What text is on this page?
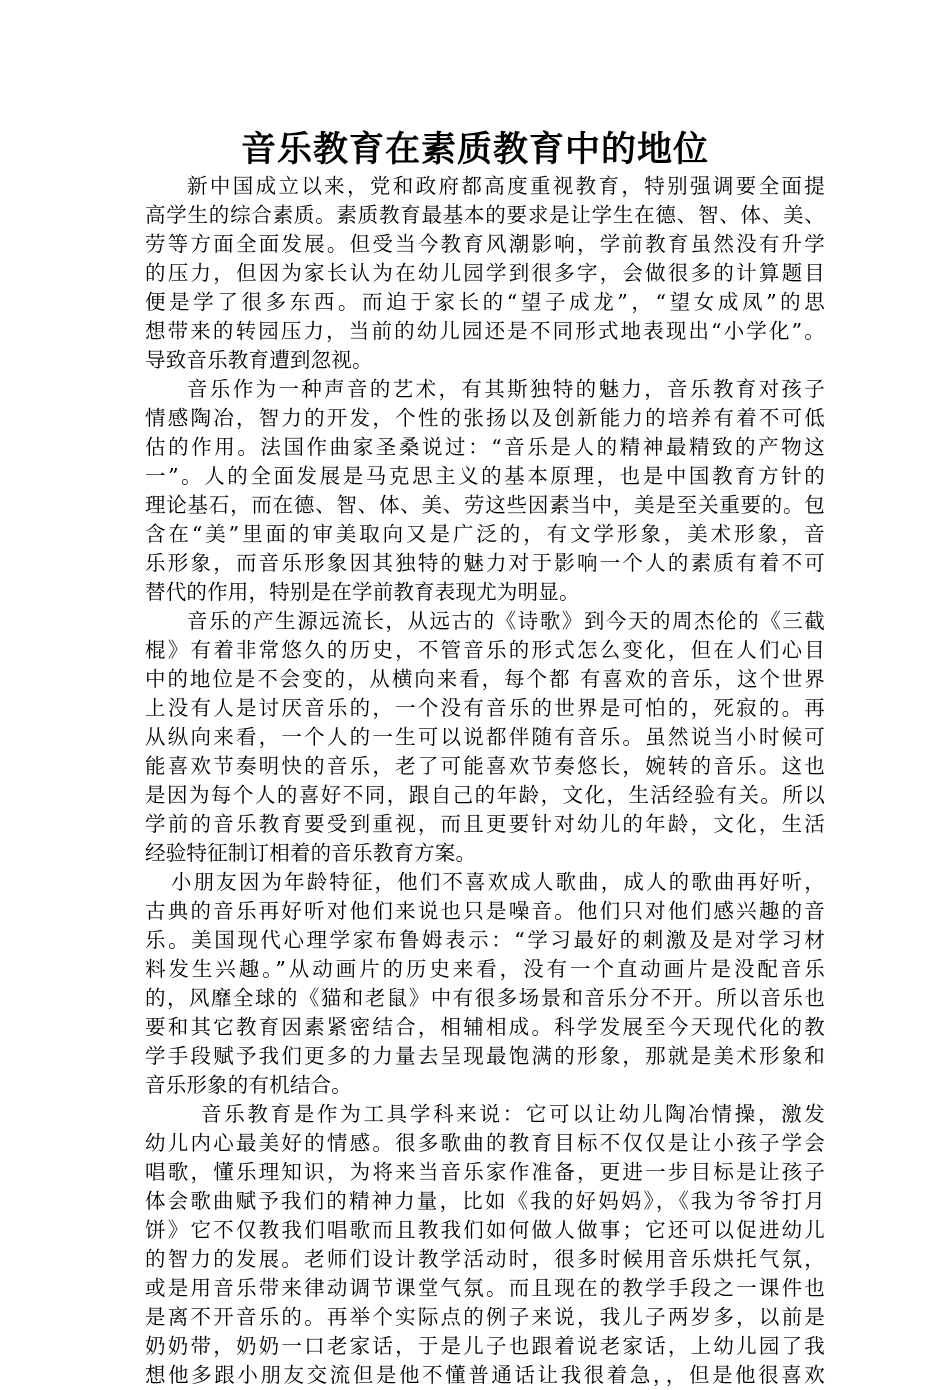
音乐教育在素质教育中的地位
新中国成立以来，党和政府都高度重视教育，特别强调要全面提
高学生的综合素质。素质教育最基本的要求是让学生在德、智、体、美、
劳等方面全面发展。但受当今教育风潮影响，学前教育虽然没有升学
的压力，但因为家长认为在幼儿园学到很多字，会做很多的计算题目
便是学了很多东西。而迫于家长的“望子成龙”，“望女成凤”的思
想带来的转园压力，当前的幼儿园还是不同形式地表现出“小学化”。
导致音乐教育遭到忽视。
音乐作为一种声音的艺术，有其斯独特的魅力，音乐教育对孩子
情感陶冶，智力的开发，个性的张扬以及创新能力的培养有着不可低
估的作用。法国作曲家圣桑说过：“音乐是人的精神最精致的产物这
一”。人的全面发展是马克思主义的基本原理，也是中国教育方针的
理论基石，而在德、智、体、美、劳这些因素当中，美是至关重要的。包
含在“美”里面的审美取向又是广泛的，有文学形象，美术形象，音
乐形象，而音乐形象因其独特的魅力对于影响一个人的素质有着不可
替代的作用，特别是在学前教育表现尤为明显。
音乐的产生源远流长，从远古的《诗歌》到今天的周杰伦的《三截
棍》有着非常悠久的历史，不管音乐的形式怎么变化，但在人们心目
中的地位是不会变的，从横向来看，每个都 有喜欢的音乐，这个世界
上没有人是讨厌音乐的，一个没有音乐的世界是可怕的，死寂的。再
从纵向来看，一个人的一生可以说都伴随有音乐。虽然说当小时候可
能喜欢节奏明快的音乐，老了可能喜欢节奏悠长，婉转的音乐。这也
是因为每个人的喜好不同，跟自己的年龄，文化，生活经验有关。所以
学前的音乐教育要受到重视，而且更要针对幼儿的年龄，文化，生活
经验特征制订相着的音乐教育方案。
小朋友因为年龄特征，他们不喜欢成人歌曲，成人的歌曲再好听，
古典的音乐再好听对他们来说也只是噪音。他们只对他们感兴趣的音
乐。美国现代心理学家布鲁姆表示：“学习最好的刺激及是对学习材
料发生兴趣。”从动画片的历史来看，没有一个直动画片是没配音乐
的，风靡全球的《猫和老鼠》中有很多场景和音乐分不开。所以音乐也
要和其它教育因素紧密结合，相辅相成。科学发展至今天现代化的教
学手段赋予我们更多的力量去呈现最饱满的形象，那就是美术形象和
音乐形象的有机结合。
音乐教育是作为工具学科来说：它可以让幼儿陶冶情操，激发
幼儿内心最美好的情感。很多歌曲的教育目标不仅仅是让小孩子学会
唱歌，懂乐理知识，为将来当音乐家作准备，更进一步目标是让孩子
体会歌曲赋予我们的精神力量，比如《我的好妈妈》，《我为爷爷打月
饼》它不仅教我们唱歌而且教我们如何做人做事；它还可以促进幼儿
的智力的发展。老师们设计教学活动时，很多时候用音乐烘托气氛，
或是用音乐带来律动调节课堂气氛。而且现在的教学手段之一课件也
是离不开音乐的。再举个实际点的例子来说，我儿子两岁多，以前是
奶奶带，奶奶一口老家话，于是儿子也跟着说老家话，上幼儿园了我
想他多跟小朋友交流但是他不懂普通话让我很着急，，但是他很喜欢
